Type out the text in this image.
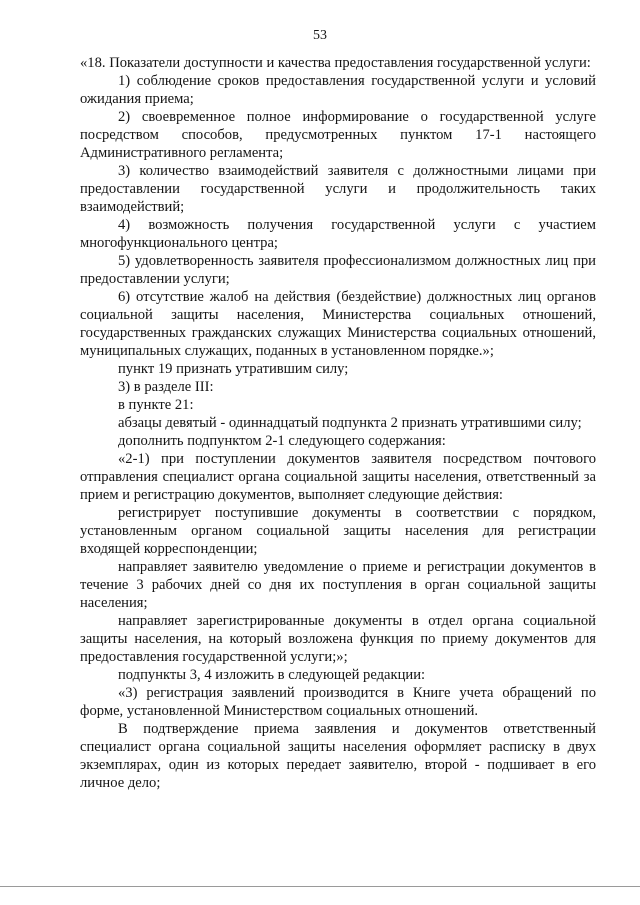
53

«18. Показатели доступности и качества предоставления государственной услуги:

1) соблюдение сроков предоставления государственной услуги и условий ожидания приема;

2) своевременное полное информирование о государственной услуге посредством способов, предусмотренных пунктом 17-1 настоящего Административного регламента;

3) количество взаимодействий заявителя с должностными лицами при предоставлении государственной услуги и продолжительность таких взаимодействий;

4) возможность получения государственной услуги с участием многофункционального центра;

5) удовлетворенность заявителя профессионализмом должностных лиц при предоставлении услуги;

6) отсутствие жалоб на действия (бездействие) должностных лиц органов социальной защиты населения, Министерства социальных отношений, государственных гражданских служащих Министерства социальных отношений, муниципальных служащих, поданных в установленном порядке.»;

пункт 19 признать утратившим силу;

3) в разделе III:

в пункте 21:

абзацы девятый - одиннадцатый подпункта 2 признать утратившими силу;

дополнить подпунктом 2-1 следующего содержания:

«2-1) при поступлении документов заявителя посредством почтового отправления специалист органа социальной защиты населения, ответственный за прием и регистрацию документов, выполняет следующие действия:

регистрирует поступившие документы в соответствии с порядком, установленным органом социальной защиты населения для регистрации входящей корреспонденции;

направляет заявителю уведомление о приеме и регистрации документов в течение 3 рабочих дней со дня их поступления в орган социальной защиты населения;

направляет зарегистрированные документы в отдел органа социальной защиты населения, на который возложена функция по приему документов для предоставления государственной услуги;»;

подпункты 3, 4 изложить в следующей редакции:

«3) регистрация заявлений производится в Книге учета обращений по форме, установленной Министерством социальных отношений.

В подтверждение приема заявления и документов ответственный специалист органа социальной защиты населения оформляет расписку в двух экземплярах, один из которых передает заявителю, второй - подшивает в его личное дело;
